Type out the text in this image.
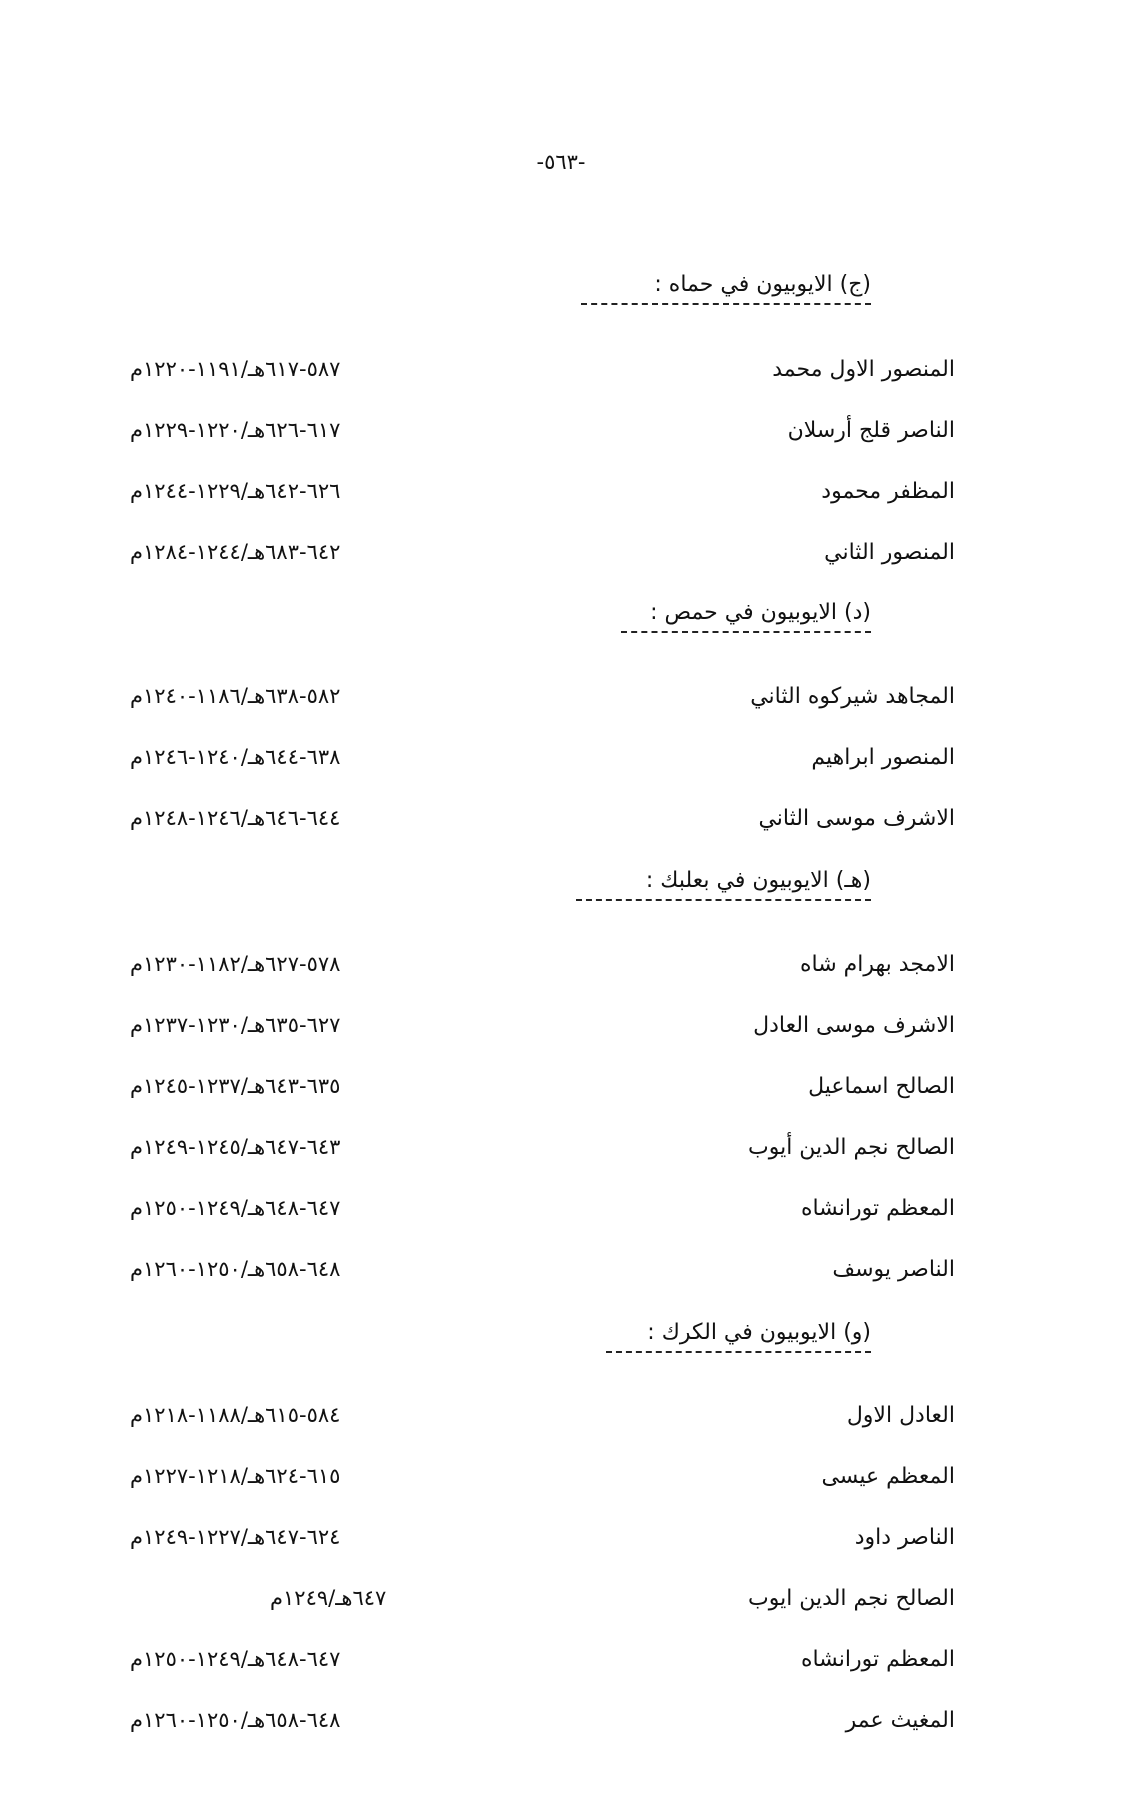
-٥٦٣-
(ج) الايوبيون في حماه :
المنصور الاول محمد
٥٨٧-٦١٧هـ/١١٩١-١٢٢٠م
الناصر قلج أرسلان
٦١٧-٦٢٦هـ/١٢٢٠-١٢٢٩م
المظفر محمود
٦٢٦-٦٤٢هـ/١٢٢٩-١٢٤٤م
المنصور الثاني
٦٤٢-٦٨٣هـ/١٢٤٤-١٢٨٤م
(د) الايوبيون في حمص :
المجاهد شيركوه الثاني
٥٨٢-٦٣٨هـ/١١٨٦-١٢٤٠م
المنصور ابراهيم
٦٣٨-٦٤٤هـ/١٢٤٠-١٢٤٦م
الاشرف موسى الثاني
٦٤٤-٦٤٦هـ/١٢٤٦-١٢٤٨م
(هـ) الايوبيون في بعلبك :
الامجد بهرام شاه
٥٧٨-٦٢٧هـ/١١٨٢-١٢٣٠م
الاشرف موسى العادل
٦٢٧-٦٣٥هـ/١٢٣٠-١٢٣٧م
الصالح اسماعيل
٦٣٥-٦٤٣هـ/١٢٣٧-١٢٤٥م
الصالح نجم الدين أيوب
٦٤٣-٦٤٧هـ/١٢٤٥-١٢٤٩م
المعظم تورانشاه
٦٤٧-٦٤٨هـ/١٢٤٩-١٢٥٠م
الناصر يوسف
٦٤٨-٦٥٨هـ/١٢٥٠-١٢٦٠م
(و) الايوبيون في الكرك :
العادل الاول
٥٨٤-٦١٥هـ/١١٨٨-١٢١٨م
المعظم عيسى
٦١٥-٦٢٤هـ/١٢١٨-١٢٢٧م
الناصر داود
٦٢٤-٦٤٧هـ/١٢٢٧-١٢٤٩م
الصالح نجم الدين ايوب
٦٤٧هـ/١٢٤٩م
المعظم تورانشاه
٦٤٧-٦٤٨هـ/١٢٤٩-١٢٥٠م
المغيث عمر
٦٤٨-٦٥٨هـ/١٢٥٠-١٢٦٠م
